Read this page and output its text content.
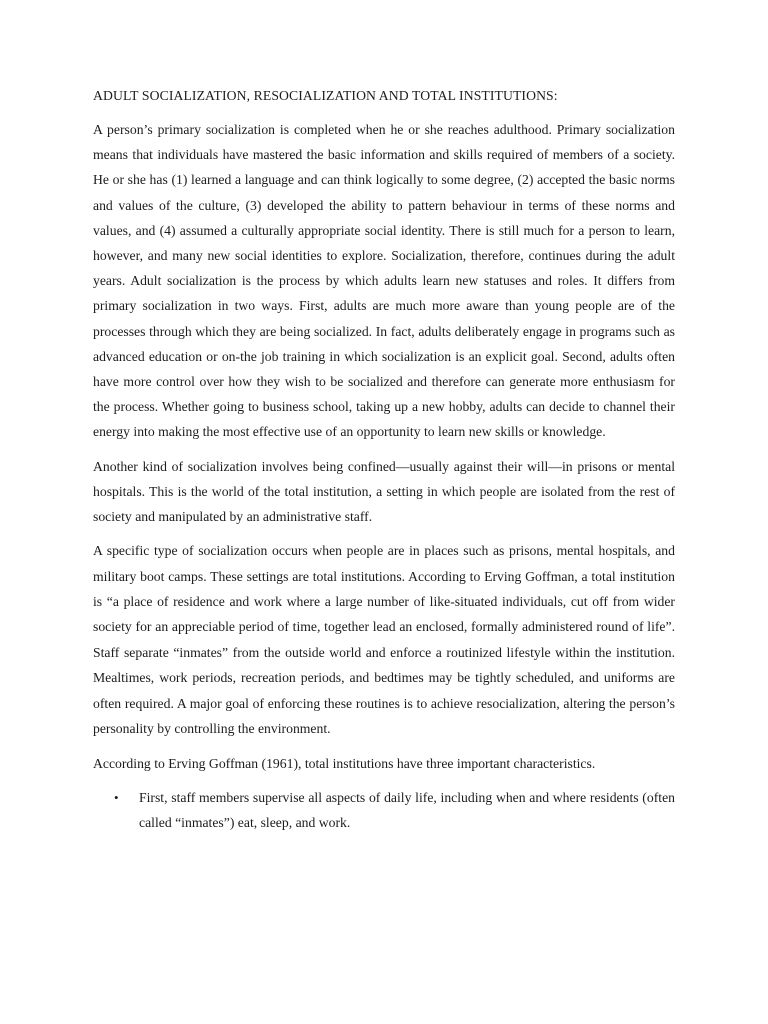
ADULT SOCIALIZATION, RESOCIALIZATION AND TOTAL INSTITUTIONS:

A person’s primary socialization is completed when he or she reaches adulthood. Primary socialization means that individuals have mastered the basic information and skills required of members of a society. He or she has (1) learned a language and can think logically to some degree, (2) accepted the basic norms and values of the culture, (3) developed the ability to pattern behaviour in terms of these norms and values, and (4) assumed a culturally appropriate social identity. There is still much for a person to learn, however, and many new social identities to explore. Socialization, therefore, continues during the adult years. Adult socialization is the process by which adults learn new statuses and roles. It differs from primary socialization in two ways. First, adults are much more aware than young people are of the processes through which they are being socialized. In fact, adults deliberately engage in programs such as advanced education or on-the job training in which socialization is an explicit goal. Second, adults often have more control over how they wish to be socialized and therefore can generate more enthusiasm for the process. Whether going to business school, taking up a new hobby, adults can decide to channel their energy into making the most effective use of an opportunity to learn new skills or knowledge.

Another kind of socialization involves being confined—usually against their will—in prisons or mental hospitals. This is the world of the total institution, a setting in which people are isolated from the rest of society and manipulated by an administrative staff.

A specific type of socialization occurs when people are in places such as prisons, mental hospitals, and military boot camps. These settings are total institutions. According to Erving Goffman, a total institution is “a place of residence and work where a large number of like-situated individuals, cut off from wider society for an appreciable period of time, together lead an enclosed, formally administered round of life”. Staff separate “inmates” from the outside world and enforce a routinized lifestyle within the institution. Mealtimes, work periods, recreation periods, and bedtimes may be tightly scheduled, and uniforms are often required. A major goal of enforcing these routines is to achieve resocialization, altering the person’s personality by controlling the environment.

According to Erving Goffman (1961), total institutions have three important characteristics.

• First, staff members supervise all aspects of daily life, including when and where residents (often called “inmates”) eat, sleep, and work.
